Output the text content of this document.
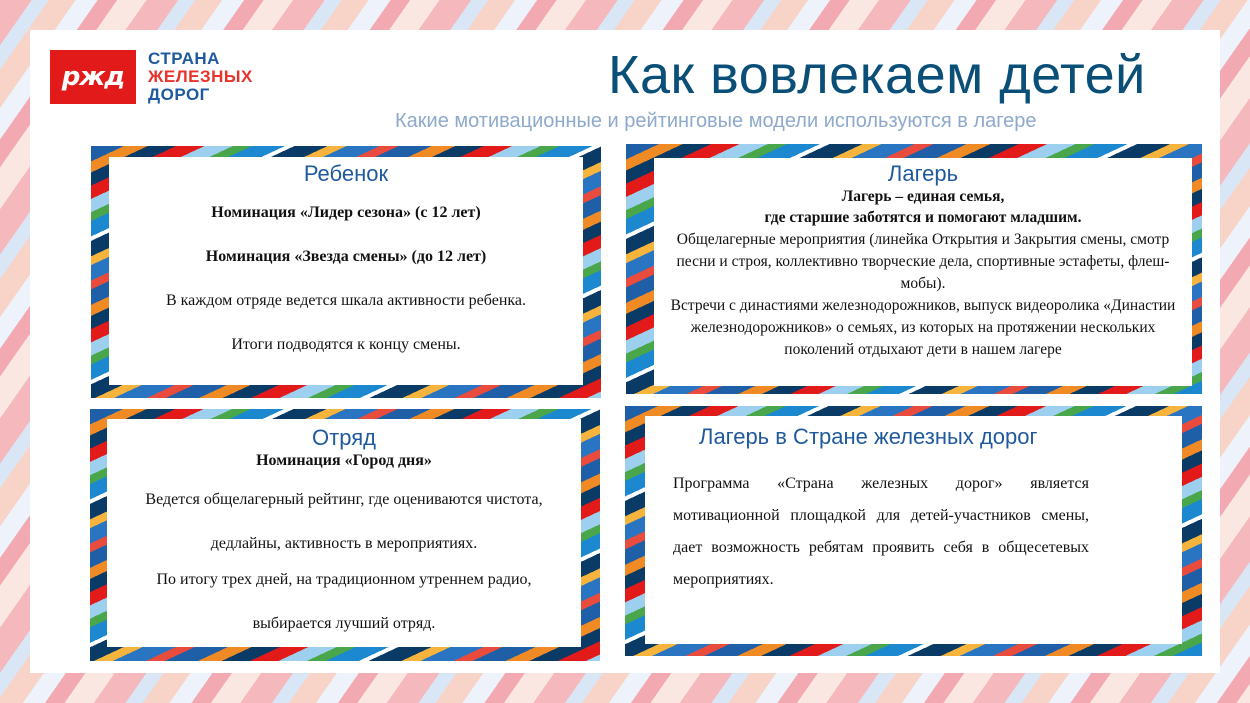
ржд
СТРАНА
ЖЕЛЕЗНЫХ
ДОРОГ	Как вовлекаем детей
Какие мотивационные и рейтинговые модели используются в лагере
Ребенок

Номинация «Лидер сезона» (с 12 лет)

Номинация «Звезда смены» (до 12 лет)

В каждом отряде ведется шкала активности ребенка.

Итоги подводятся к концу смены.

Лагерь

Лагерь – единая семья,

где старшие заботятся и помогают младшим.

Общелагерные мероприятия (линейка Открытия и Закрытия смены, смотр песни и строя, коллективно творческие дела, спортивные эстафеты, флеш-мобы).

Встречи с династиями железнодорожников, выпуск видеоролика «Династии железнодорожников» о семьях, из которых на протяжении нескольких поколений отдыхают дети в нашем лагере

Отряд

Номинация «Город дня»

Ведется общелагерный рейтинг, где оцениваются чистота,

дедлайны, активность в мероприятиях.

По итогу трех дней, на традиционном утреннем радио,

выбирается лучший отряд.

Лагерь в Стране железных дорог

Программа «Страна железных дорог» является мотивационной площадкой для детей-участников смены, дает возможность ребятам проявить себя в общесетевых мероприятиях.
